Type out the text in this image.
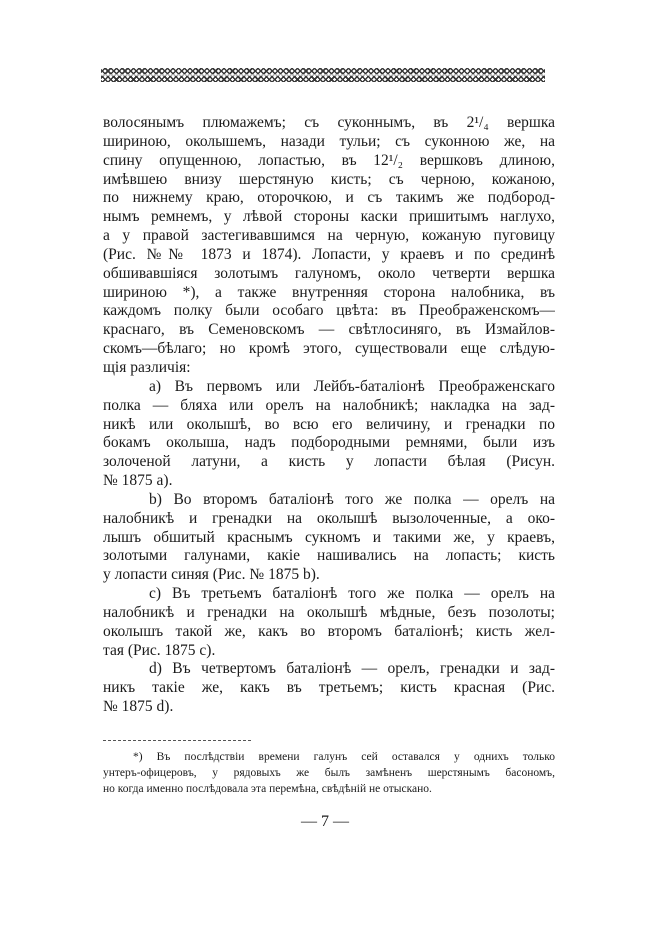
волосянымъ плюмажемъ; съ суконнымъ, въ 2¹/₄ вершка
шириною, околышемъ, назади тульи; съ суконною же, на
спину опущенною, лопастью, въ 12¹/₂ вершковъ длиною,
имѣвшею внизу шерстяную кисть; съ черною, кожаною,
по нижнему краю, оторочкою, и съ такимъ же подбород-
нымъ ремнемъ, у лѣвой стороны каски пришитымъ наглухо,
а у правой застегивавшимся на черную, кожаную пуговицу
(Рис. №№ 1873 и 1874). Лопасти, у краевъ и по срединѣ
обшивавшіяся золотымъ галуномъ, около четверти вершка
шириною *), а также внутренняя сторона налобника, въ
каждомъ полку были особаго цвѣта: въ Преображенскомъ—
краснаго, въ Семеновскомъ — свѣтлосиняго, въ Измайлов-
скомъ—бѣлаго; но кромѣ этого, существовали еще слѣдую-
щія различія:
а) Въ первомъ или Лейбъ-баталіонѣ Преображенскаго
полка — бляха или орелъ на налобникѣ; накладка на зад-
никѣ или околышѣ, во всю его величину, и гренадки по
бокамъ околыша, надъ подбородными ремнями, были изъ
золоченой латуни, а кисть у лопасти бѣлая (Рисун.
№ 1875 a).
b) Во второмъ баталіонѣ того же полка — орелъ на
налобникѣ и гренадки на околышѣ вызолоченные, а око-
лышъ обшитый краснымъ сукномъ и такими же, у краевъ,
золотыми галунами, какіе нашивались на лопасть; кисть
у лопасти синяя (Рис. № 1875 b).
c) Въ третьемъ баталіонѣ того же полка — орелъ на
налобникѣ и гренадки на околышѣ мѣдные, безъ позолоты;
околышъ такой же, какъ во второмъ баталіонѣ; кисть жел-
тая (Рис. 1875 c).
d) Въ четвертомъ баталіонѣ — орелъ, гренадки и зад-
никъ такіе же, какъ въ третьемъ; кисть красная (Рис.
№ 1875 d).
*) Въ послѣдствіи времени галунъ сей оставался у однихъ только
унтеръ-офицеровъ, у рядовыхъ же былъ замѣненъ шерстянымъ басономъ,
но когда именно послѣдовала эта перемѣна, свѣдѣній не отыскано.
— 7 —
